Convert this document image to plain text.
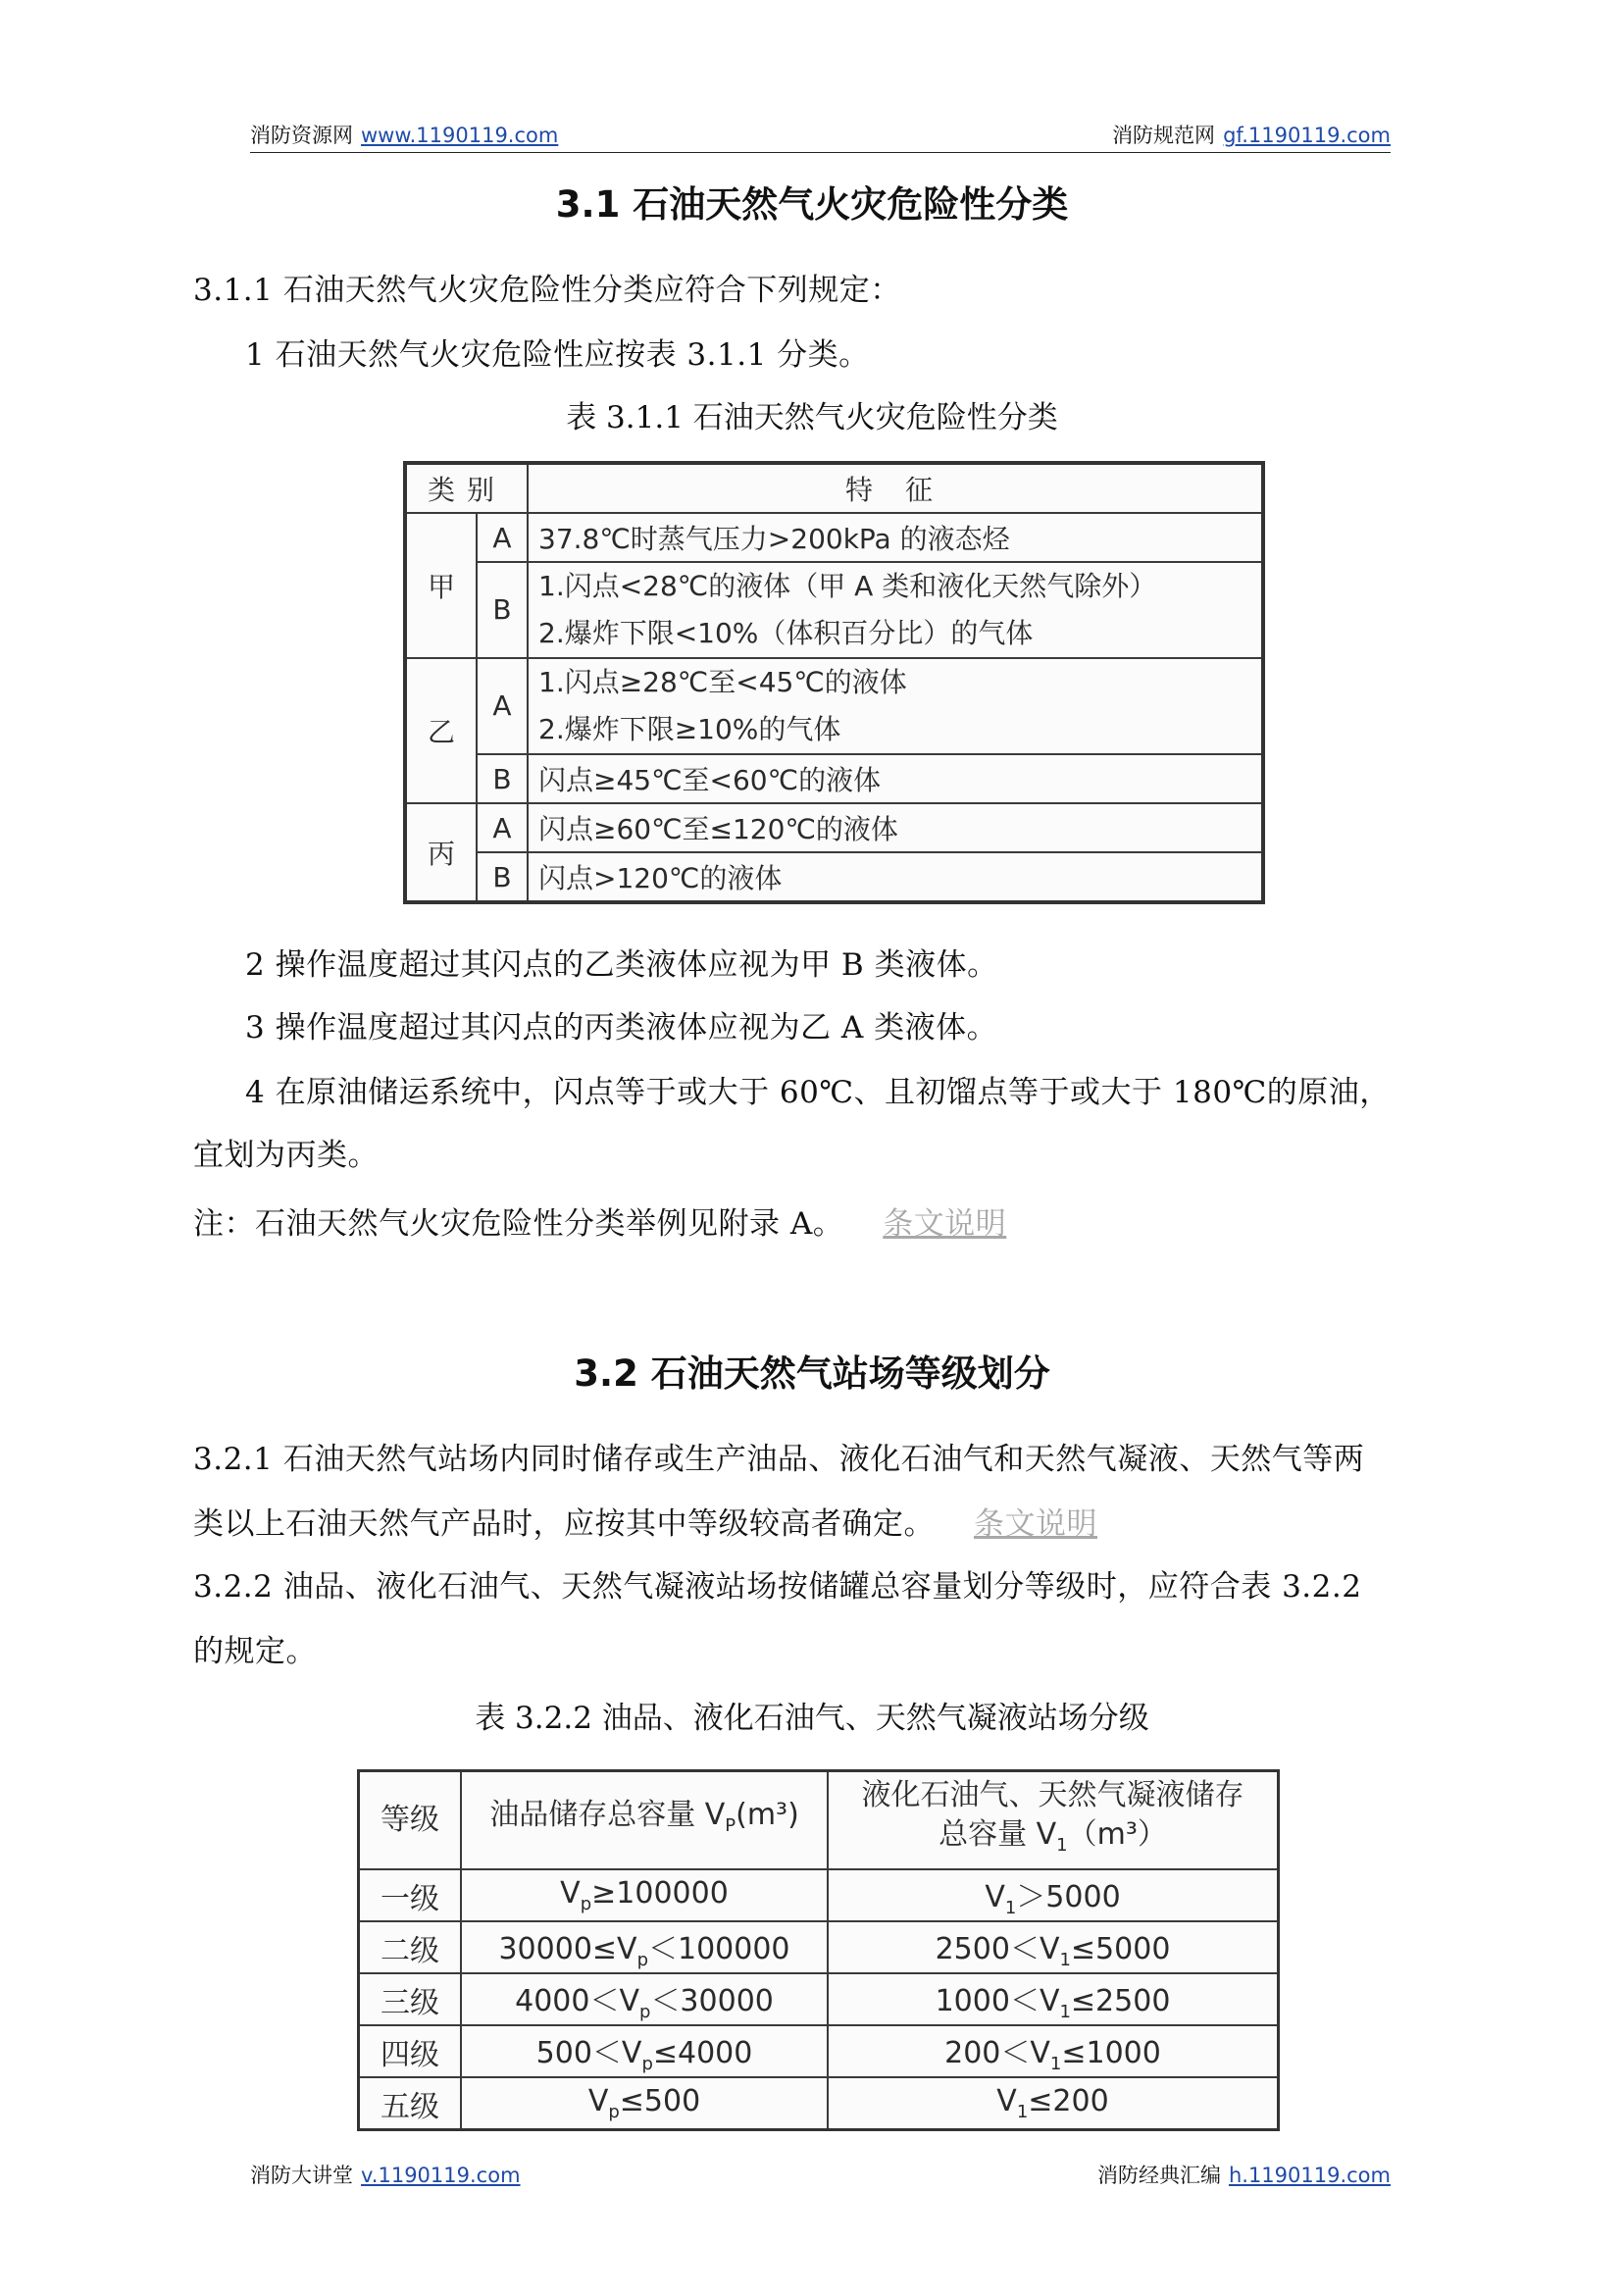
消防资源网 www.1190119.com	消防规范网 gf.1190119.com
3.1 石油天然气火灾危险性分类
3.1.1 石油天然气火灾危险性分类应符合下列规定：
1 石油天然气火灾危险性应按表 3.1.1 分类。
表 3.1.1 石油天然气火灾危险性分类
类别		特 征
甲	A	37.8℃时蒸气压力>200kPa 的液态烃
	B	1.闪点<28℃的液体（甲 A 类和液化天然气除外）
2.爆炸下限<10%（体积百分比）的气体

乙	A	1.闪点≥28℃至<45℃的液体
2.爆炸下限≥10%的气体

	B	闪点≥45℃至<60℃的液体
丙	A	闪点≥60℃至≤120℃的液体
	B	闪点>120℃的液体
2 操作温度超过其闪点的乙类液体应视为甲 B 类液体。
3 操作温度超过其闪点的丙类液体应视为乙 A 类液体。
4 在原油储运系统中，闪点等于或大于 60℃、且初馏点等于或大于 180℃的原油，
宜划为丙类。
注：石油天然气火灾危险性分类举例见附录 A。 条文说明
3.2 石油天然气站场等级划分
3.2.1 石油天然气站场内同时储存或生产油品、液化石油气和天然气凝液、天然气等两
类以上石油天然气产品时，应按其中等级较高者确定。 条文说明
3.2.2 油品、液化石油气、天然气凝液站场按储罐总容量划分等级时，应符合表 3.2.2
的规定。
表 3.2.2 油品、液化石油气、天然气凝液站场分级
等级	油品储存总容量 $V_P(m^3)$	液化石油气、天然气凝液储存
总容量 $V_1(m^3)$

一级	$V_p\ge 100000$	$V_1>5000$
二级	$30000\le V_p<100000$	$2500<V_1\le 5000$
三级	$4000<V_p<30000$	$1000<V_1\le 2500$
四级	$500<V_p\le 4000$	$200<V_1\le 1000$
五级	$V_p\le 500$	$V_1\le 200$
消防大讲堂 v.1190119.com	消防经典汇编 h.1190119.com
